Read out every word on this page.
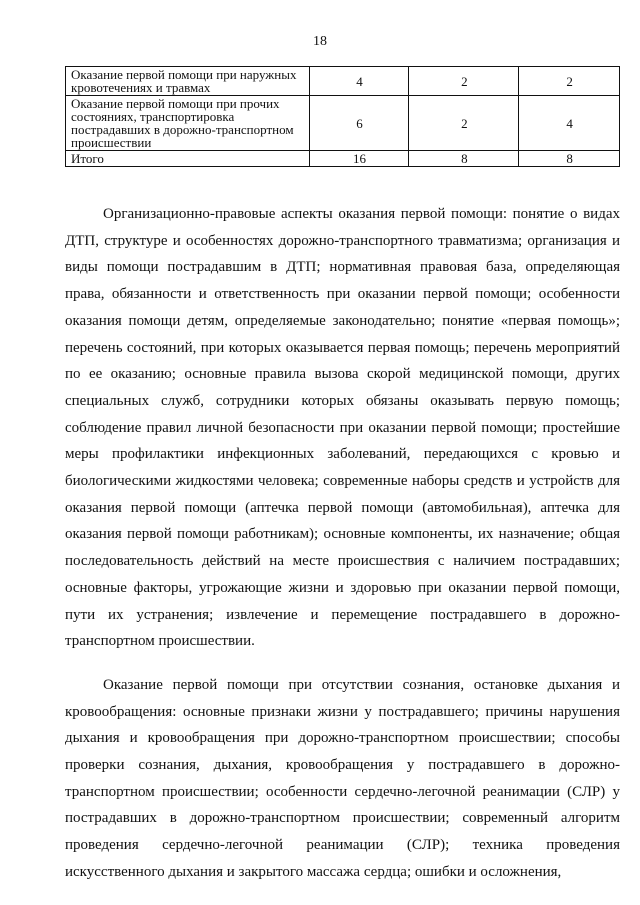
18
Оказание первой помощи при наружных кровотечениях и травмах	4	2	2
Оказание первой помощи при прочих состояниях, транспортировка пострадавших в дорожно-транспортном происшествии	6	2	4
Итого	16	8	8

Организационно-правовые аспекты оказания первой помощи: понятие о видах ДТП, структуре и особенностях дорожно-транспортного травматизма; организация и виды помощи пострадавшим в ДТП; нормативная правовая база, определяющая права, обязанности и ответственность при оказании первой помощи; особенности оказания помощи детям, определяемые законодательно; понятие «первая помощь»; перечень состояний, при которых оказывается первая помощь; перечень мероприятий по ее оказанию; основные правила вызова скорой медицинской помощи, других специальных служб, сотрудники которых обязаны оказывать первую помощь; соблюдение правил личной безопасности при оказании первой помощи; простейшие меры профилактики инфекционных заболеваний, передающихся с кровью и биологическими жидкостями человека; современные наборы средств и устройств для оказания первой помощи (аптечка первой помощи (автомобильная), аптечка для оказания первой помощи работникам); основные компоненты, их назначение; общая последовательность действий на месте происшествия с наличием пострадавших; основные факторы, угрожающие жизни и здоровью при оказании первой помощи, пути их устранения; извлечение и перемещение пострадавшего в дорожно-транспортном происшествии.

Оказание первой помощи при отсутствии сознания, остановке дыхания и кровообращения: основные признаки жизни у пострадавшего; причины нарушения дыхания и кровообращения при дорожно-транспортном происшествии; способы проверки сознания, дыхания, кровообращения у пострадавшего в дорожно-транспортном происшествии; особенности сердечно-легочной реанимации (СЛР) у пострадавших в дорожно-транспортном происшествии; современный алгоритм проведения сердечно-легочной реанимации (СЛР); техника проведения искусственного дыхания и закрытого массажа сердца; ошибки и осложнения,
